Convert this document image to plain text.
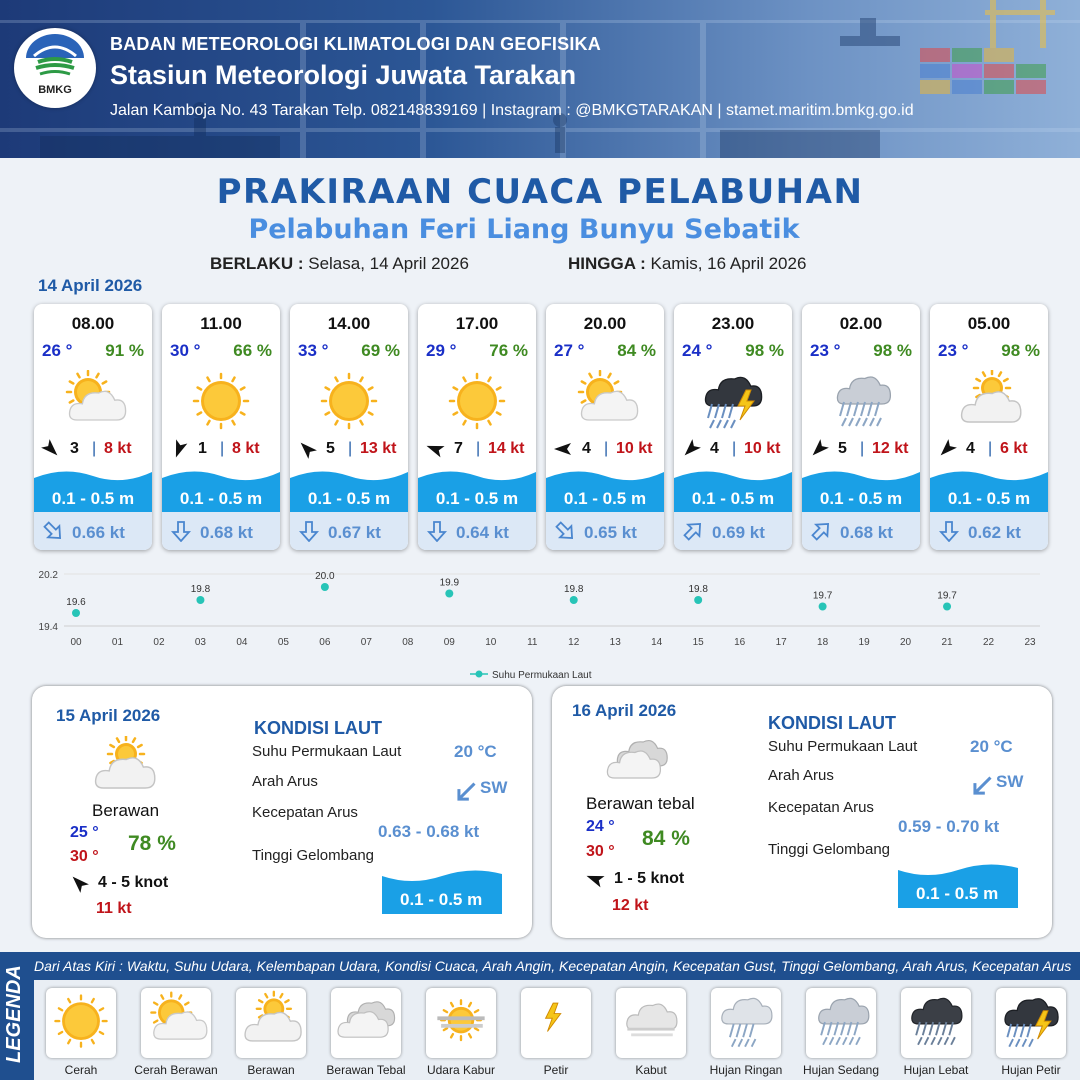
BMKG
BADAN METEOROLOGI KLIMATOLOGI DAN GEOFISIKA
Stasiun Meteorologi Juwata Tarakan
Jalan Kamboja No. 43 Tarakan Telp. 082148839169 | Instagram : @BMKGTARAKAN | stamet.maritim.bmkg.go.id
PRAKIRAAN CUACA PELABUHAN
Pelabuhan Feri Liang Bunyu Sebatik
BERLAKU : Selasa, 14 April 2026	HINGGA : Kamis, 16 April 2026
14 April 2026
08.00
26 ° 91 %
3 | 8 kt
0.1 - 0.5 m
0.66 kt
11.00
30 ° 66 %
1 | 8 kt
0.1 - 0.5 m
0.68 kt
14.00
33 ° 69 %
5 | 13 kt
0.1 - 0.5 m
0.67 kt
17.00
29 ° 76 %
7 | 14 kt
0.1 - 0.5 m
0.64 kt
20.00
27 ° 84 %
4 | 10 kt
0.1 - 0.5 m
0.65 kt
23.00
24 ° 98 %
4 | 10 kt
0.1 - 0.5 m
0.69 kt
02.00
23 ° 98 %
5 | 12 kt
0.1 - 0.5 m
0.68 kt
05.00
23 ° 98 %
4 | 6 kt
0.1 - 0.5 m
0.62 kt
20.2
19.4
00	01	02	03	04	05	06	07	08	09	10	11	12	13	14	15	16	17	18	19	20	21	22	23
19.6
19.8
20.0
19.9
19.8	19.8
19.7	19.7
Suhu Permukaan Laut
15 April 2026
Berawan
25 °
30 °
78 %
4 - 5 knot
11 kt
KONDISI LAUT
Suhu Permukaan Laut	20 °C
Arah Arus	SW
Kecepatan Arus
0.63 - 0.68 kt
Tinggi Gelombang
0.1 - 0.5 m
16 April 2026
Berawan tebal
24 °
30 °
84 %
1 - 5 knot
12 kt
KONDISI LAUT
Suhu Permukaan Laut	20 °C
Arah Arus	SW
Kecepatan Arus
0.59 - 0.70 kt
Tinggi Gelombang
0.1 - 0.5 m
LEGENDA Dari Atas Kiri : Waktu, Suhu Udara, Kelembapan Udara, Kondisi Cuaca, Arah Angin, Kecepatan Angin, Kecepatan Gust, Tinggi Gelombang, Arah Arus, Kecepatan Arus
Cerah	Cerah Berawan	Berawan	Berawan Tebal	Udara Kabur	Petir	Kabut	Hujan Ringan	Hujan Sedang	Hujan Lebat	Hujan Petir
